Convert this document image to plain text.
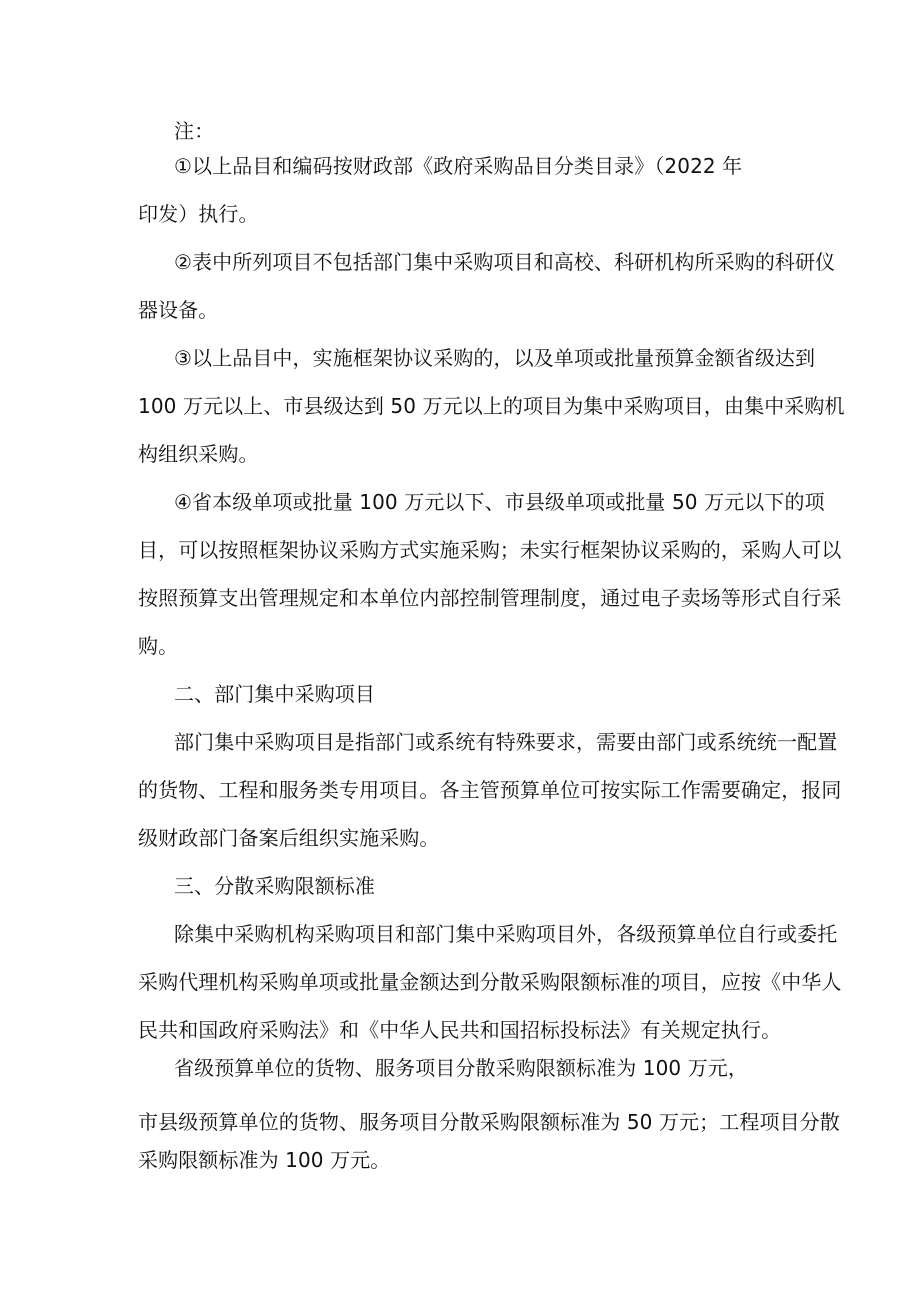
注：
①以上品目和编码按财政部《政府采购品目分类目录》（2022 年
印发）执行。
②表中所列项目不包括部门集中采购项目和高校、科研机构所采购的科研仪
器设备。
③以上品目中，实施框架协议采购的，以及单项或批量预算金额省级达到
100 万元以上、市县级达到 50 万元以上的项目为集中采购项目，由集中采购机
构组织采购。
④省本级单项或批量 100 万元以下、市县级单项或批量 50 万元以下的项
目，可以按照框架协议采购方式实施采购；未实行框架协议采购的，采购人可以
按照预算支出管理规定和本单位内部控制管理制度，通过电子卖场等形式自行采
购。
二、部门集中采购项目
部门集中采购项目是指部门或系统有特殊要求，需要由部门或系统统一配置
的货物、工程和服务类专用项目。各主管预算单位可按实际工作需要确定，报同
级财政部门备案后组织实施采购。
三、分散采购限额标准
除集中采购机构采购项目和部门集中采购项目外，各级预算单位自行或委托
采购代理机构采购单项或批量金额达到分散采购限额标准的项目，应按《中华人
民共和国政府采购法》和《中华人民共和国招标投标法》有关规定执行。
省级预算单位的货物、服务项目分散采购限额标准为 100 万元，
市县级预算单位的货物、服务项目分散采购限额标准为 50 万元；工程项目分散
采购限额标准为 100 万元。
